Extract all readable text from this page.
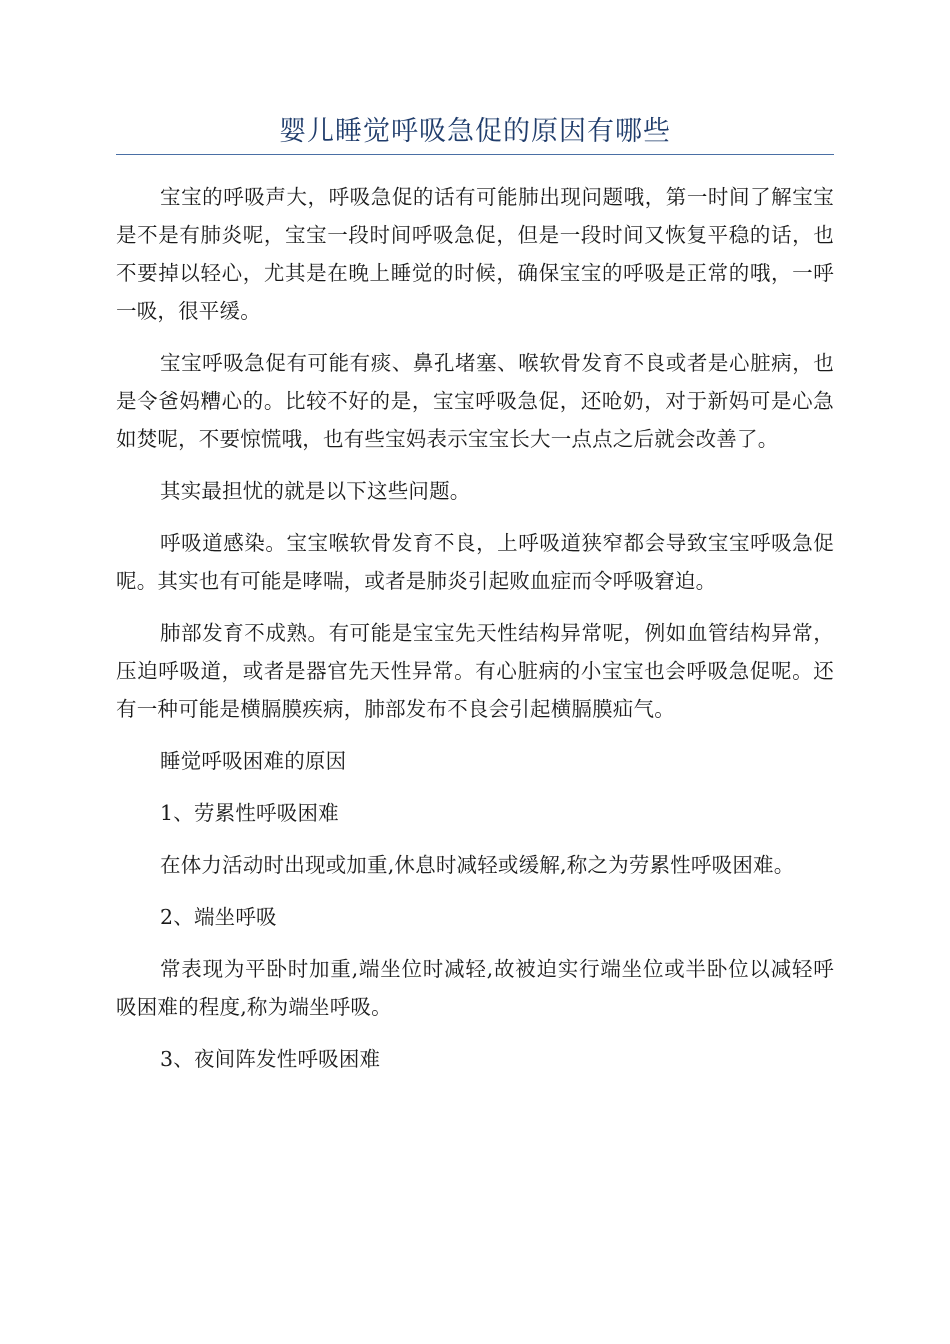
婴儿睡觉呼吸急促的原因有哪些

宝宝的呼吸声大，呼吸急促的话有可能肺出现问题哦，第一时间了解宝宝是不是有肺炎呢，宝宝一段时间呼吸急促，但是一段时间又恢复平稳的话，也不要掉以轻心，尤其是在晚上睡觉的时候，确保宝宝的呼吸是正常的哦，一呼一吸，很平缓。

宝宝呼吸急促有可能有痰、鼻孔堵塞、喉软骨发育不良或者是心脏病，也是令爸妈糟心的。比较不好的是，宝宝呼吸急促，还呛奶，对于新妈可是心急如焚呢，不要惊慌哦，也有些宝妈表示宝宝长大一点点之后就会改善了。

其实最担忧的就是以下这些问题。

呼吸道感染。宝宝喉软骨发育不良，上呼吸道狭窄都会导致宝宝呼吸急促呢。其实也有可能是哮喘，或者是肺炎引起败血症而令呼吸窘迫。

肺部发育不成熟。有可能是宝宝先天性结构异常呢，例如血管结构异常，压迫呼吸道，或者是器官先天性异常。有心脏病的小宝宝也会呼吸急促呢。还有一种可能是横膈膜疾病，肺部发布不良会引起横膈膜疝气。

睡觉呼吸困难的原因

1、劳累性呼吸困难

在体力活动时出现或加重,休息时减轻或缓解,称之为劳累性呼吸困难。

2、端坐呼吸

常表现为平卧时加重,端坐位时减轻,故被迫实行端坐位或半卧位以减轻呼吸困难的程度,称为端坐呼吸。

3、夜间阵发性呼吸困难
